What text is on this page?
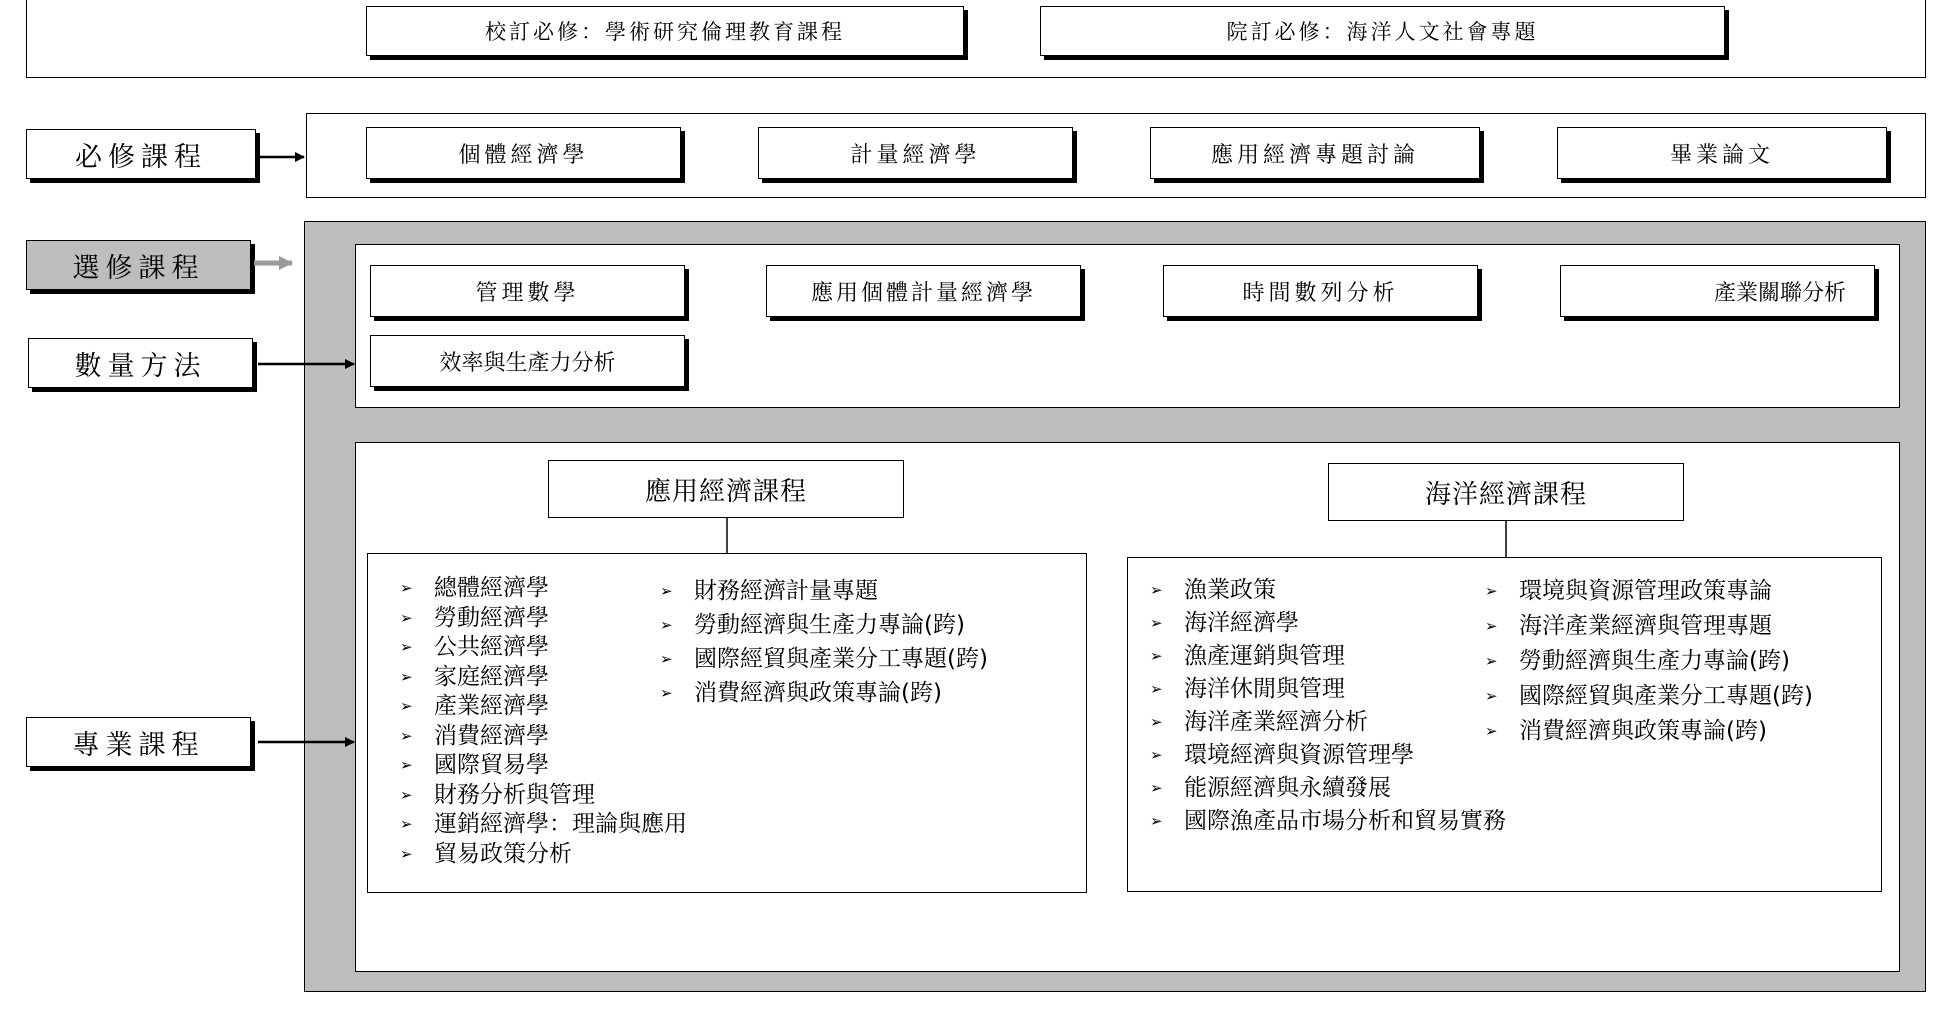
校訂必修：學術研究倫理教育課程	院訂必修：海洋人文社會專題
必修課程	個體經濟學	計量經濟學	應用經濟專題討論	畢業論文
選修課程
數量方法
專業課程
管理數學	應用個體計量經濟學	時間數列分析	產業關聯分析
效率與生產力分析
應用經濟課程
➢ 總體經濟學
➢ 勞動經濟學
➢ 公共經濟學
➢ 家庭經濟學
➢ 產業經濟學
➢ 消費經濟學
➢ 國際貿易學
➢ 財務分析與管理
➢ 運銷經濟學：理論與應用
➢ 貿易政策分析
➢ 財務經濟計量專題
➢ 勞動經濟與生產力專論(跨)
➢ 國際經貿與產業分工專題(跨)
➢ 消費經濟與政策專論(跨)
海洋經濟課程
➢ 漁業政策
➢ 海洋經濟學
➢ 漁產運銷與管理
➢ 海洋休閒與管理
➢ 海洋產業經濟分析
➢ 環境經濟與資源管理學
➢ 能源經濟與永續發展
➢ 國際漁產品市場分析和貿易實務
➢ 環境與資源管理政策專論
➢ 海洋產業經濟與管理專題
➢ 勞動經濟與生產力專論(跨)
➢ 國際經貿與產業分工專題(跨)
➢ 消費經濟與政策專論(跨)
